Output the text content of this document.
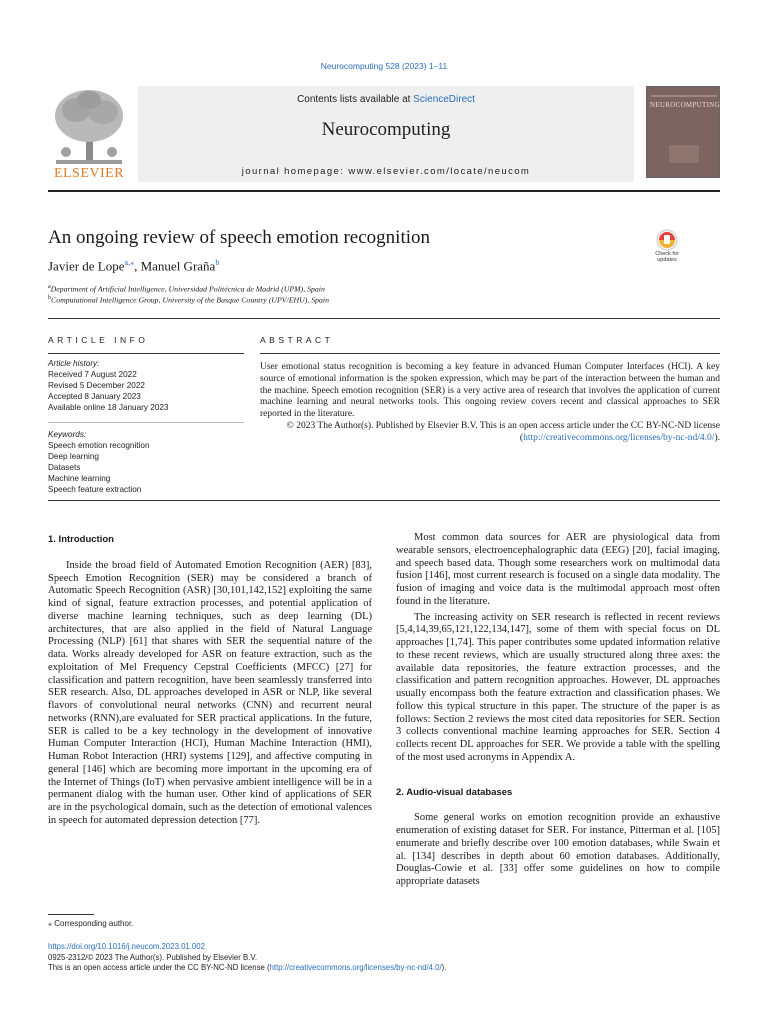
Neurocomputing 528 (2023) 1–11
ELSEVIER
Contents lists available at ScienceDirect
Neurocomputing
journal homepage: www.elsevier.com/locate/neucom
NEUROCOMPUTING
An ongoing review of speech emotion recognition
Check for updates
Javier de Lope$^{a,⁎}$, Manuel Graña$^b$
$^a$Department of Artificial Intelligence, Universidad Politécnica de Madrid (UPM), Spain
$^b$Computational Intelligence Group, University of the Basque Country (UPV/EHU), Spain
ARTICLE INFO	ABSTRACT
Article history:
Received 7 August 2022
Revised 5 December 2022
Accepted 8 January 2023
Available online 18 January 2023
Keywords:
Speech emotion recognition
Deep learning
Datasets
Machine learning
Speech feature extraction
User emotional status recognition is becoming a key feature in advanced Human Computer Interfaces (HCI). A key source of emotional information is the spoken expression, which may be part of the interaction between the human and the machine. Speech emotion recognition (SER) is a very active area of research that involves the application of current machine learning and neural networks tools. This ongoing review covers recent and classical approaches to SER reported in the literature.
© 2023 The Author(s). Published by Elsevier B.V. This is an open access article under the CC BY-NC-ND license (http://creativecommons.org/licenses/by-nc-nd/4.0/).
1. Introduction

Inside the broad field of Automated Emotion Recognition (AER) [83], Speech Emotion Recognition (SER) may be considered a branch of Automatic Speech Recognition (ASR) [30,101,142,152] exploiting the same kind of signal, feature extraction processes, and potential application of diverse machine learning techniques, such as deep learning (DL) architectures, that are also applied in the field of Natural Language Processing (NLP) [61] that shares with SER the sequential nature of the data. Works already developed for ASR on feature extraction, such as the exploitation of Mel Frequency Cepstral Coefficients (MFCC) [27] for classification and pattern recognition, have been seamlessly transferred into SER research. Also, DL approaches developed in ASR or NLP, like several flavors of convolutional neural networks (CNN) and recurrent neural networks (RNN),are evaluated for SER practical applications. In the future, SER is called to be a key technology in the development of innovative Human Computer Interaction (HCI), Human Machine Interaction (HMI), Human Robot Interaction (HRI) systems [129], and affective computing in general [146] which are becoming more important in the upcoming era of the Internet of Things (IoT) when pervasive ambient intelligence will be in a permanent dialog with the human user. Other kind of applications of SER are in the psychological domain, such as the detection of emotional valences in speech for automated depression detection [77].

Most common data sources for AER are physiological data from wearable sensors, electroencephalographic data (EEG) [20], facial imaging, and speech based data. Though some researchers work on multimodal data fusion [146], most current research is focused on a single data modality. The fusion of imaging and voice data is the multimodal approach most often found in the literature.

The increasing activity on SER research is reflected in recent reviews [5,4,14,39,65,121,122,134,147], some of them with special focus on DL approaches [1,74]. This paper contributes some updated information relative to these recent reviews, which are usually structured along three axes: the available data repositories, the feature extraction processes, and the classification and pattern recognition approaches. However, DL approaches usually encompass both the feature extraction and classification phases. We follow this typical structure in this paper. The structure of the paper is as follows: Section 2 reviews the most cited data repositories for SER. Section 3 collects conventional machine learning approaches for SER. Section 4 collects recent DL approaches for SER. We provide a table with the spelling of the most used acronyms in Appendix A.

2. Audio-visual databases

Some general works on emotion recognition provide an exhaustive enumeration of existing dataset for SER. For instance, Pitterman et al. [105] enumerate and briefly describe over 100 emotion databases, while Swain et al. [134] describes in depth about 60 emotion databases. Additionally, Douglas-Cowie et al. [33] offer some guidelines on how to compile appropriate datasets

⁎ Corresponding author.
https://doi.org/10.1016/j.neucom.2023.01.002
0925-2312/© 2023 The Author(s). Published by Elsevier B.V.
This is an open access article under the CC BY-NC-ND license (http://creativecommons.org/licenses/by-nc-nd/4.0/).
